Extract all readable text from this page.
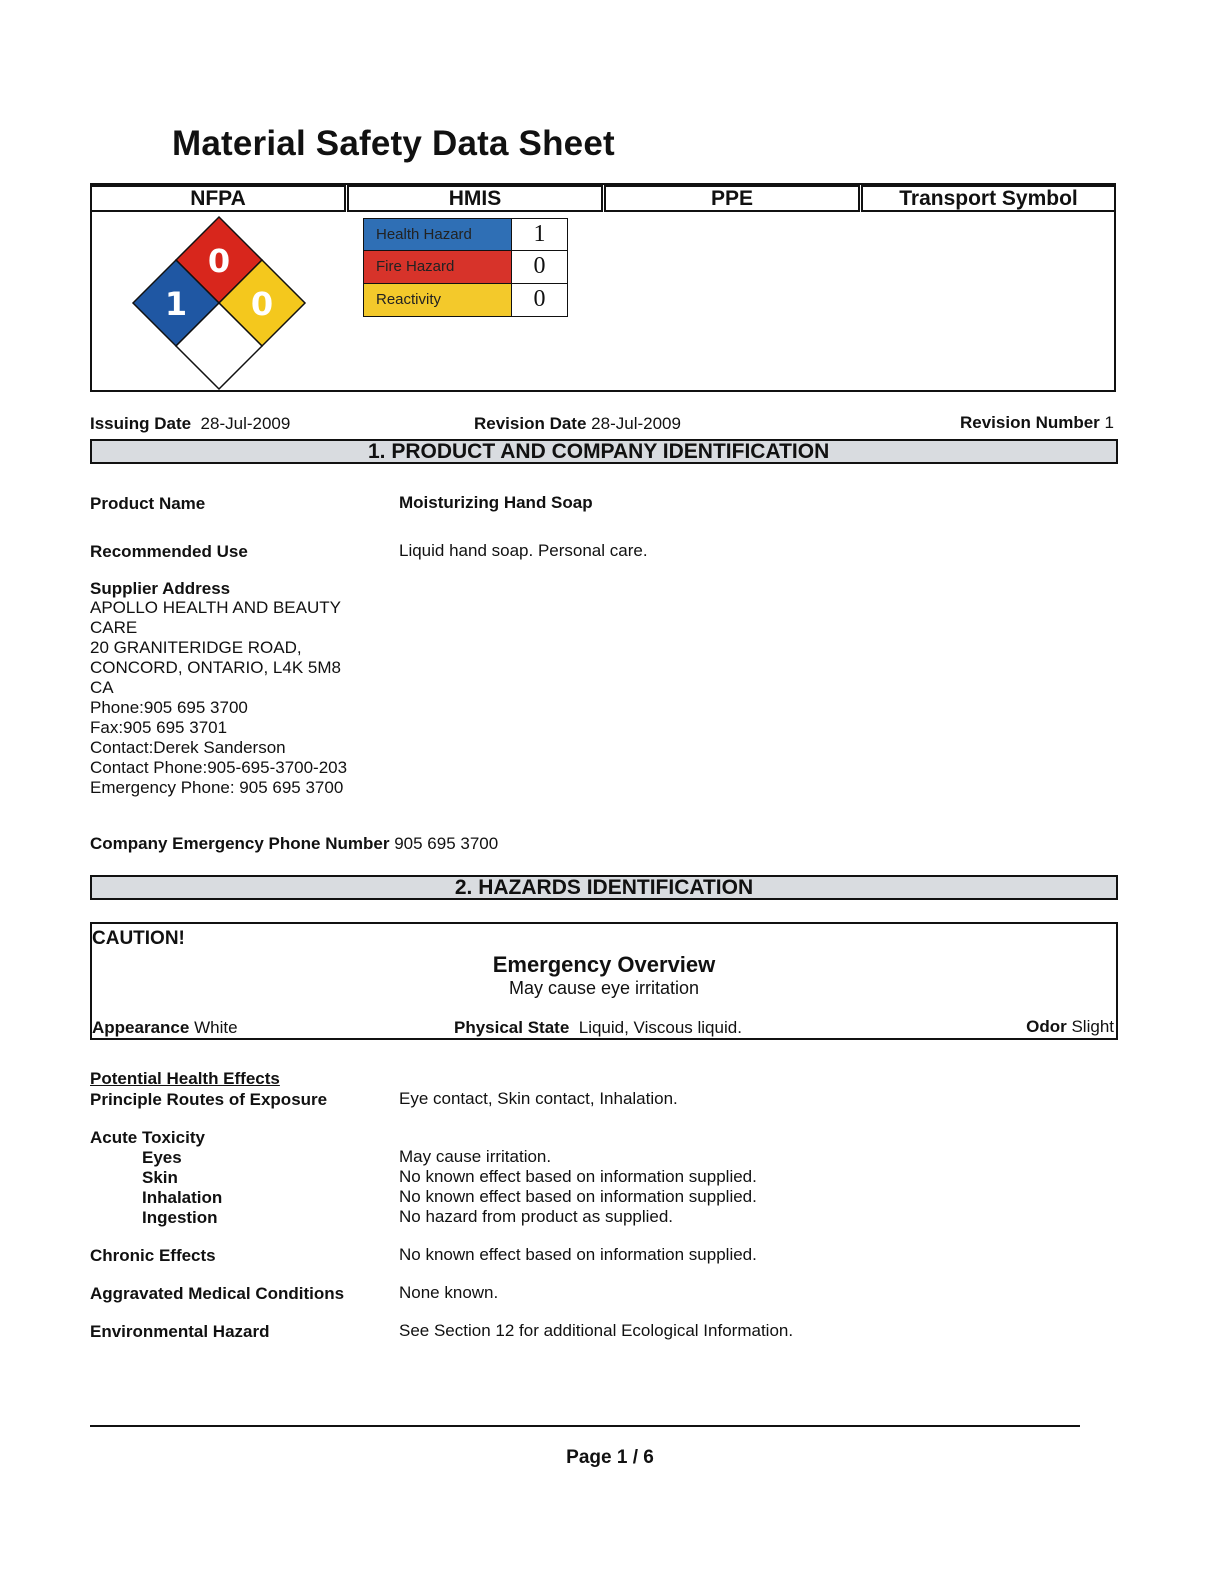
Material Safety Data Sheet
NFPA	HMIS	PPE	Transport Symbol
0
1 0
Health Hazard	1
Fire Hazard	0
Reactivity	0
Issuing Date 28-Jul-2009	Revision Date 28-Jul-2009	Revision Number 1
1. PRODUCT AND COMPANY IDENTIFICATION
Product Name	Moisturizing Hand Soap
Recommended Use	Liquid hand soap. Personal care.
Supplier Address
APOLLO HEALTH AND BEAUTY
CARE
20 GRANITERIDGE ROAD,
CONCORD, ONTARIO, L4K 5M8
CA
Phone:905 695 3700
Fax:905 695 3701
Contact:Derek Sanderson
Contact Phone:905-695-3700-203
Emergency Phone: 905 695 3700
Company Emergency Phone Number 905 695 3700
2. HAZARDS IDENTIFICATION
CAUTION!
Emergency Overview
May cause eye irritation
Appearance White	Physical State Liquid, Viscous liquid.	Odor Slight
Potential Health Effects
Principle Routes of Exposure	Eye contact, Skin contact, Inhalation.
Acute Toxicity
Eyes	May cause irritation.
Skin	No known effect based on information supplied.
Inhalation	No known effect based on information supplied.
Ingestion	No hazard from product as supplied.
Chronic Effects	No known effect based on information supplied.
Aggravated Medical Conditions	None known.
Environmental Hazard	See Section 12 for additional Ecological Information.
Page 1 / 6
